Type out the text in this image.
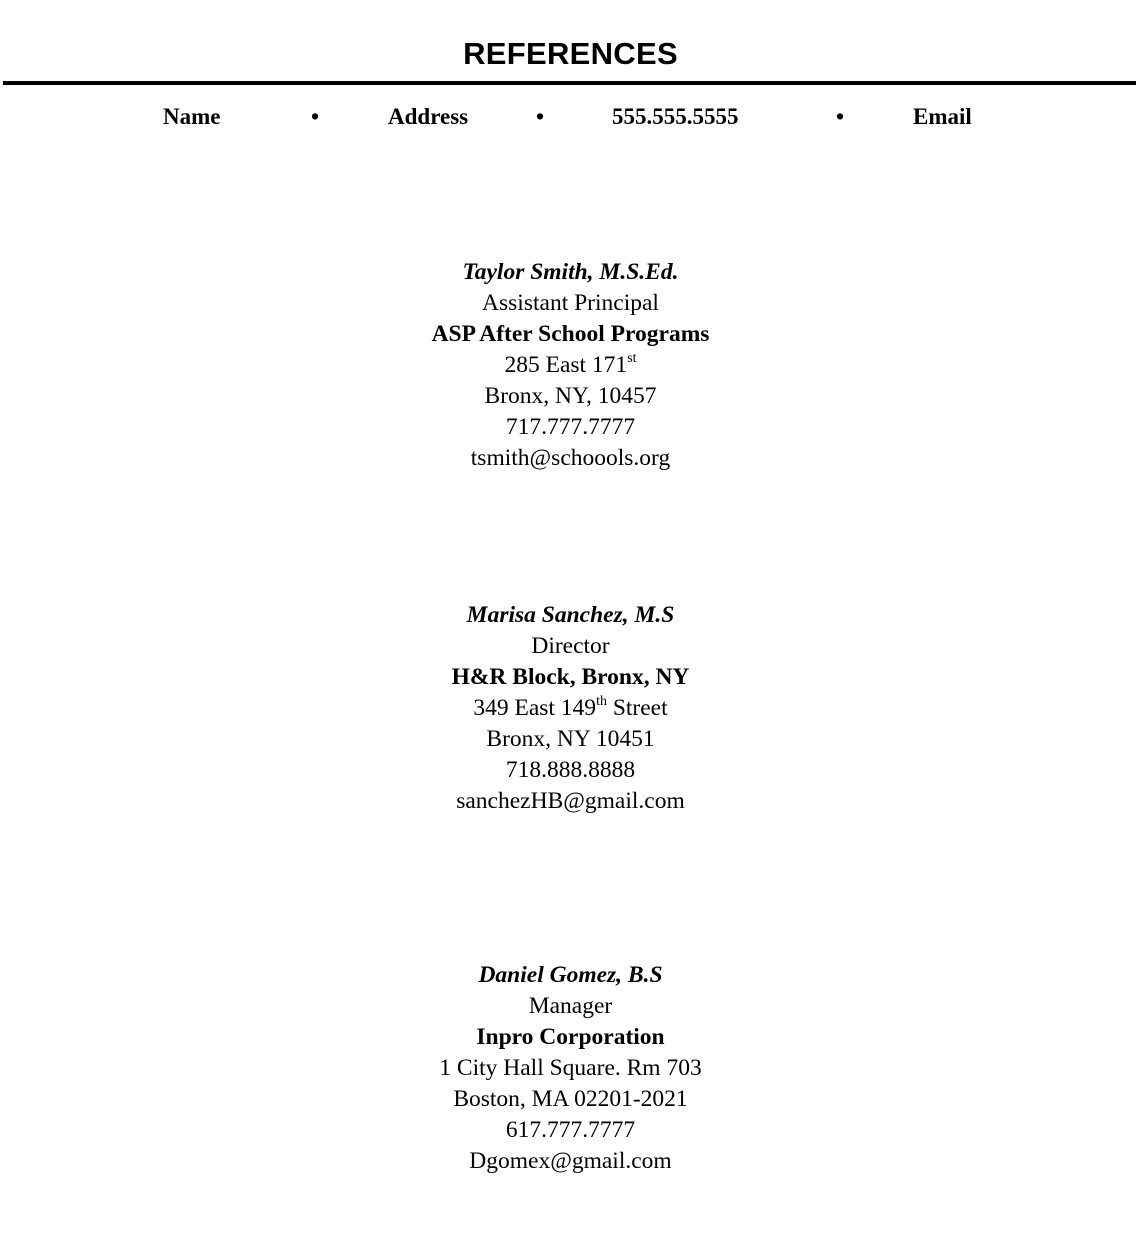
REFERENCES
Name	•	Address	•	555.555.5555	•	Email
Taylor Smith, M.S.Ed.
Assistant Principal
ASP After School Programs
285 East 171st
Bronx, NY, 10457
717.777.7777
tsmith@schoools.org
Marisa Sanchez, M.S
Director
H&R Block, Bronx, NY
349 East 149th Street
Bronx, NY 10451
718.888.8888
sanchezHB@gmail.com
Daniel Gomez, B.S
Manager
Inpro Corporation
1 City Hall Square. Rm 703
Boston, MA 02201-2021
617.777.7777
Dgomex@gmail.com
